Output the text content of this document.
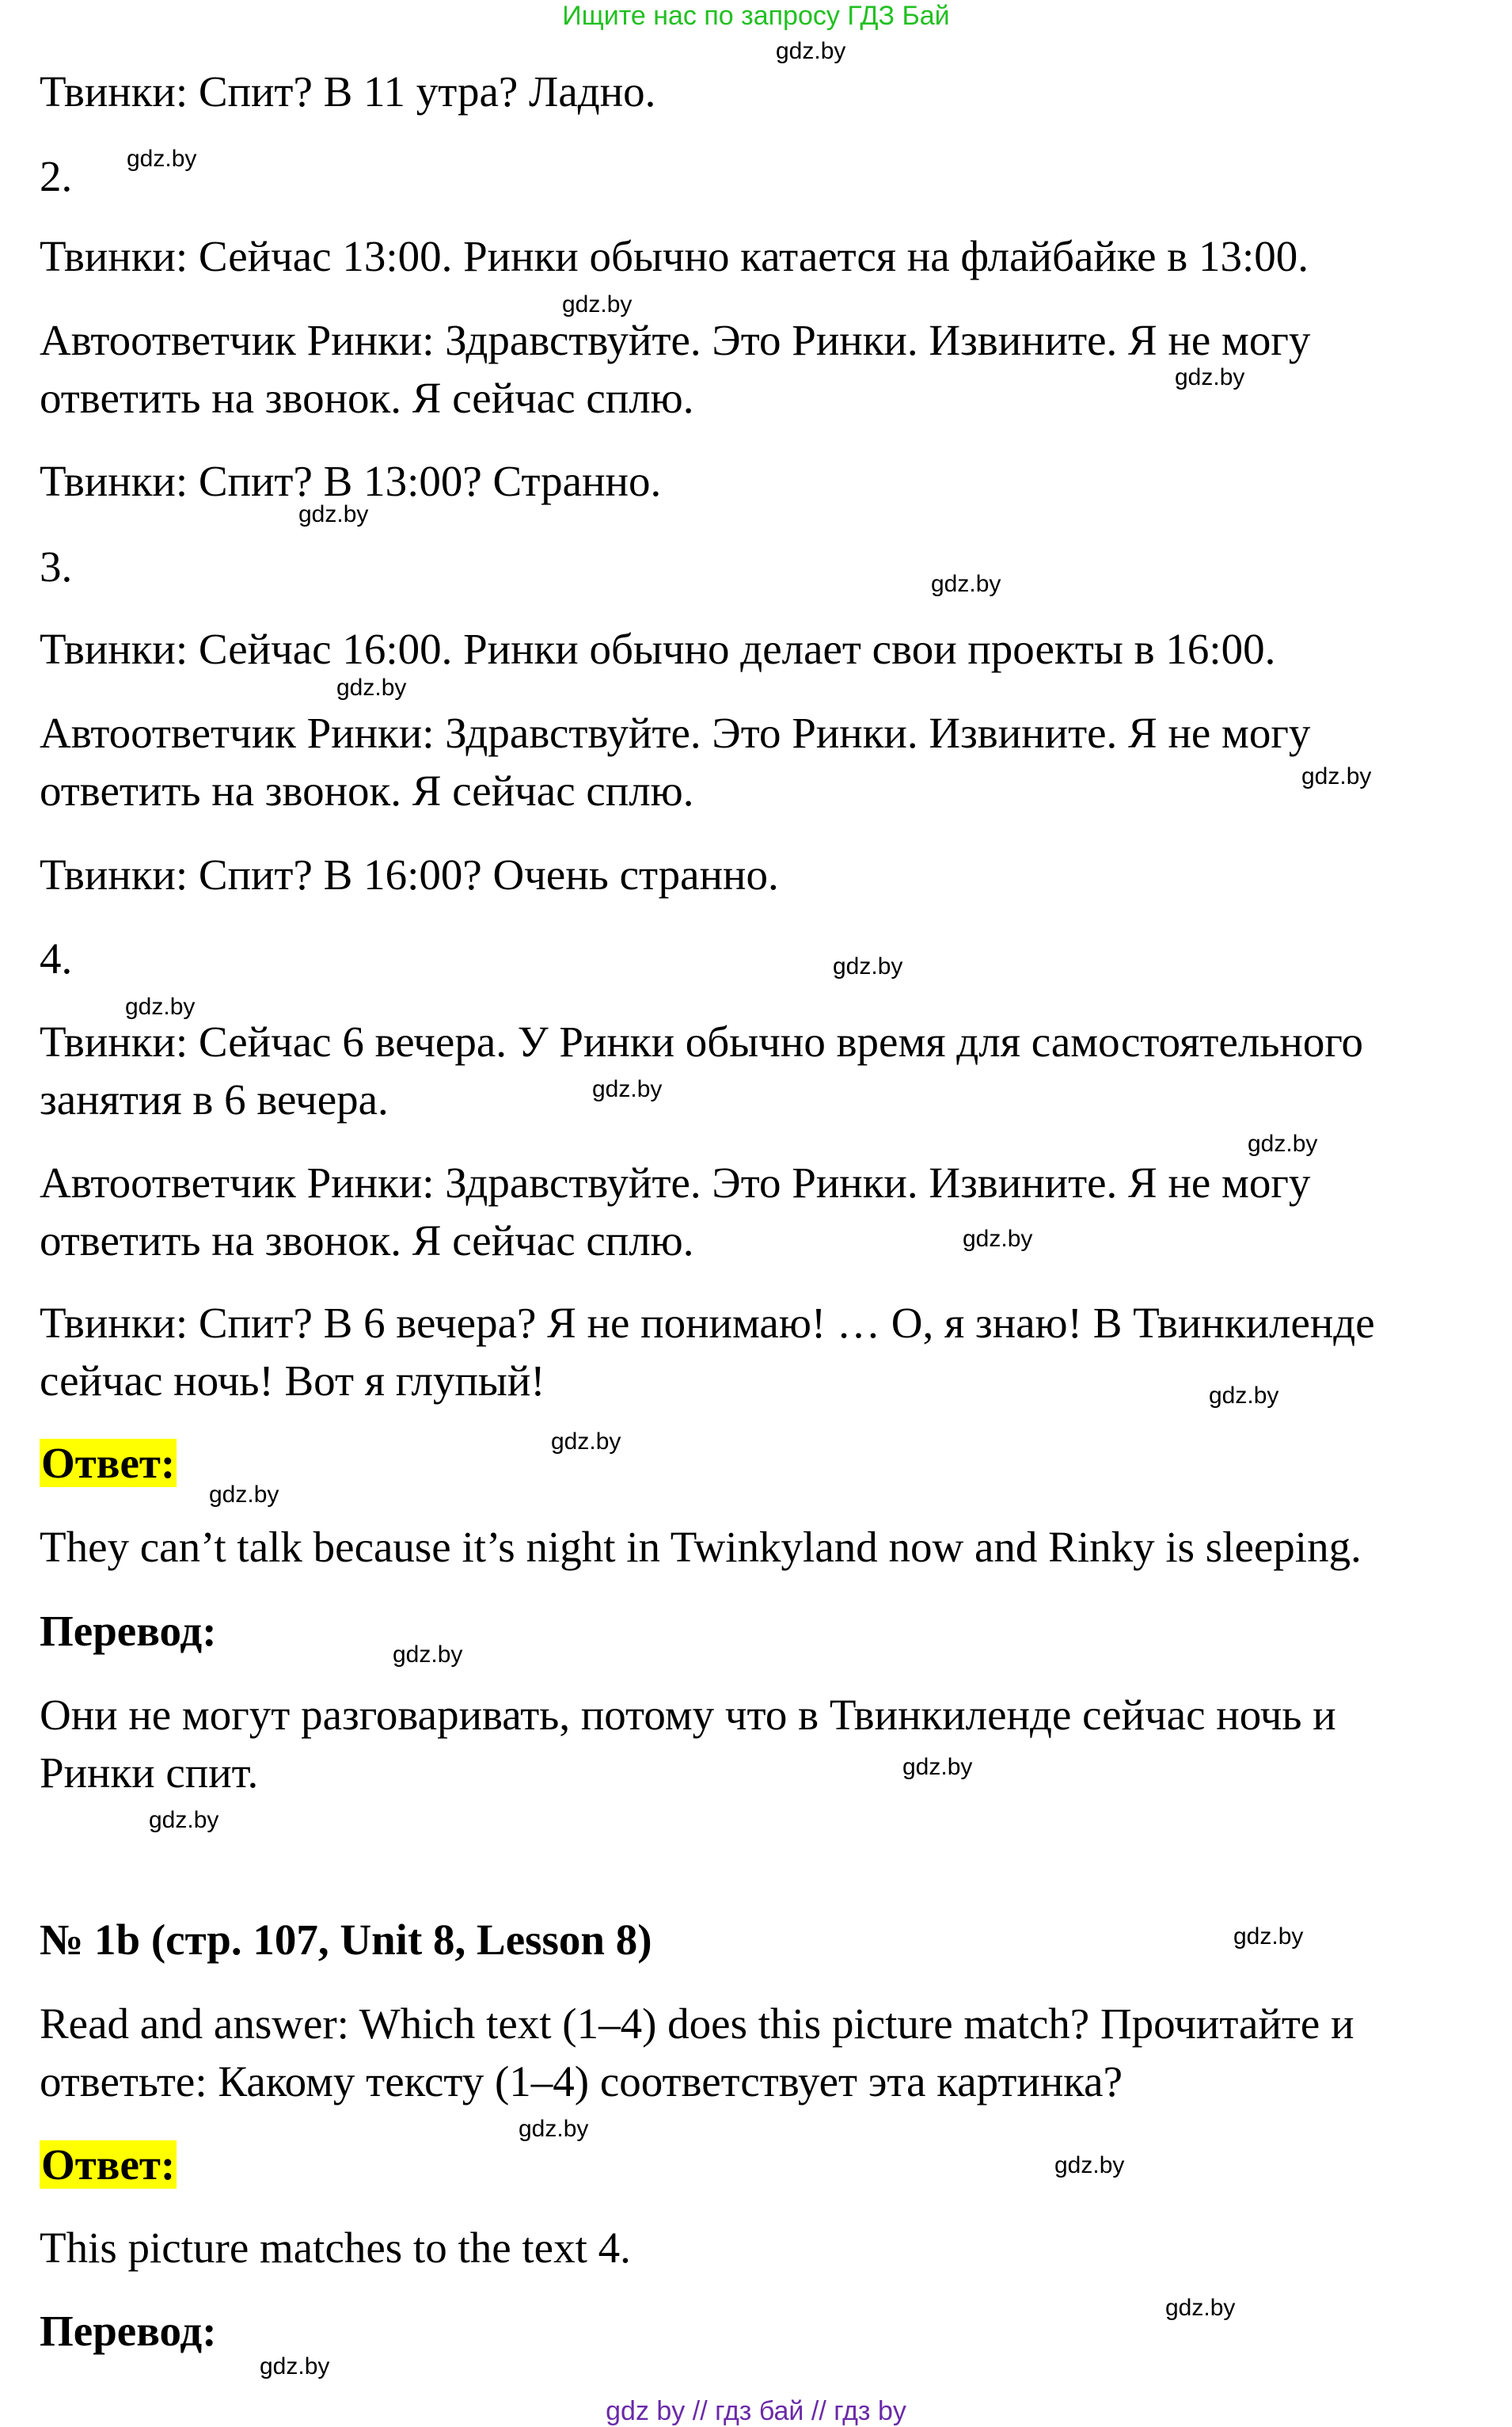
Ищите нас по запросу ГДЗ Бай
Твинки: Спит? В 11 утра? Ладно.
2.
Твинки: Сейчас 13:00. Ринки обычно катается на флайбайке в 13:00.
Автоответчик Ринки: Здравствуйте. Это Ринки. Извините. Я не могу
ответить на звонок. Я сейчас сплю.
Твинки: Спит? В 13:00? Странно.
3.
Твинки: Сейчас 16:00. Ринки обычно делает свои проекты в 16:00.
Автоответчик Ринки: Здравствуйте. Это Ринки. Извините. Я не могу
ответить на звонок. Я сейчас сплю.
Твинки: Спит? В 16:00? Очень странно.
4.
Твинки: Сейчас 6 вечера. У Ринки обычно время для самостоятельного
занятия в 6 вечера.
Автоответчик Ринки: Здравствуйте. Это Ринки. Извините. Я не могу
ответить на звонок. Я сейчас сплю.
Твинки: Спит? В 6 вечера? Я не понимаю! … О, я знаю! В Твинкиленде
сейчас ночь! Вот я глупый!
Ответ:
They can’t talk because it’s night in Twinkyland now and Rinky is sleeping.
Перевод:
Они не могут разговаривать, потому что в Твинкиленде сейчас ночь и
Ринки спит.
№ 1b (стр. 107, Unit 8, Lesson 8)
Read and answer: Which text (1–4) does this picture match? Прочитайте и
ответьте: Какому тексту (1–4) соответствует эта картинка?
Ответ:
This picture matches to the text 4.
Перевод:
gdz.by
gdz.by
gdz.by
gdz.by
gdz.by
gdz.by
gdz.by
gdz.by
gdz.by
gdz.by
gdz.by
gdz.by
gdz.by
gdz.by
gdz.by
gdz.by
gdz.by
gdz.by
gdz.by
gdz.by
gdz.by
gdz.by
gdz.by
gdz.by
gdz by // гдз бай // гдз by
